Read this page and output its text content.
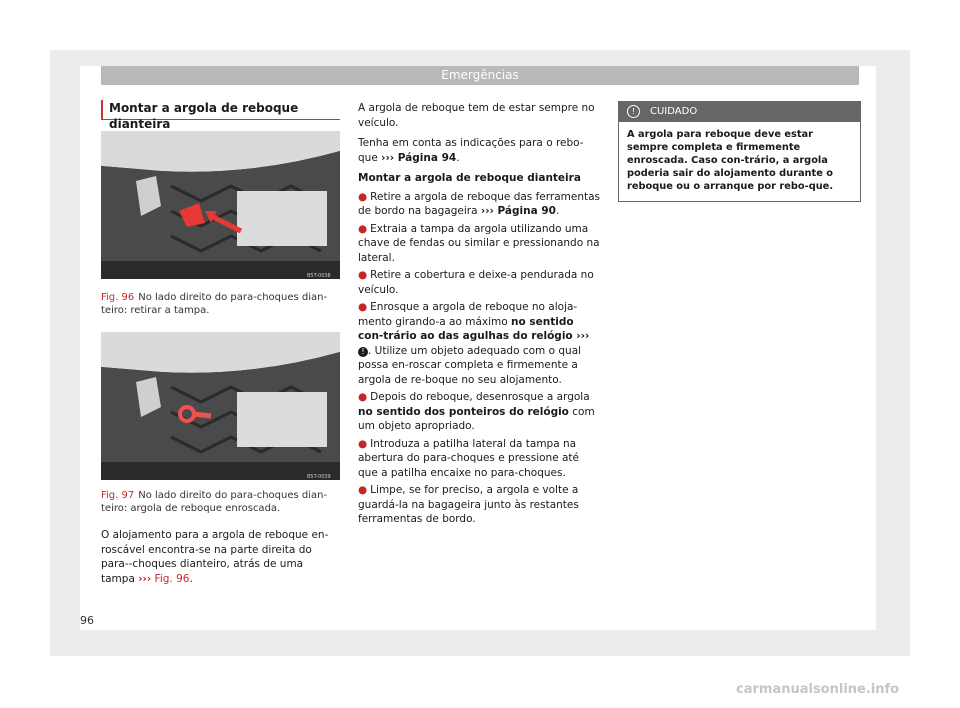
Emergências
Montar a argola de reboque dianteira
B5T-0038
Fig. 96 No lado direito do para-choques dian-teiro: retirar a tampa.
B5T-0039
Fig. 97 No lado direito do para-choques dian-teiro: argola de reboque enroscada.
O alojamento para a argola de reboque en-roscável encontra-se na parte direita do para--choques dianteiro, atrás de uma tampa ››› Fig. 96.

A argola de reboque tem de estar sempre no veículo.

Tenha em conta as indicações para o rebo-que ››› Página 94.

Montar a argola de reboque dianteira
● Retire a argola de reboque das ferramentas de bordo na bagageira ››› Página 90.
● Extraia a tampa da argola utilizando uma chave de fendas ou similar e pressionando na lateral.
● Retire a cobertura e deixe-a pendurada no veículo.
● Enrosque a argola de reboque no aloja-mento girando-a ao máximo no sentido con-trário ao das agulhas do relógio ››› ! . Utilize um objeto adequado com o qual possa en-roscar completa e firmemente a argola de re-boque no seu alojamento.
● Depois do reboque, desenrosque a argola no sentido dos ponteiros do relógio com um objeto apropriado.
● Introduza a patilha lateral da tampa na abertura do para-choques e pressione até que a patilha encaixe no para-choques.
● Limpe, se for preciso, a argola e volte a guardá-la na bagageira junto às restantes ferramentas de bordo.
! CUIDADO
A argola para reboque deve estar sempre completa e firmemente enroscada. Caso con-trário, a argola poderia sair do alojamento durante o reboque ou o arranque por rebo-que.
96
carmanualsonline.info
